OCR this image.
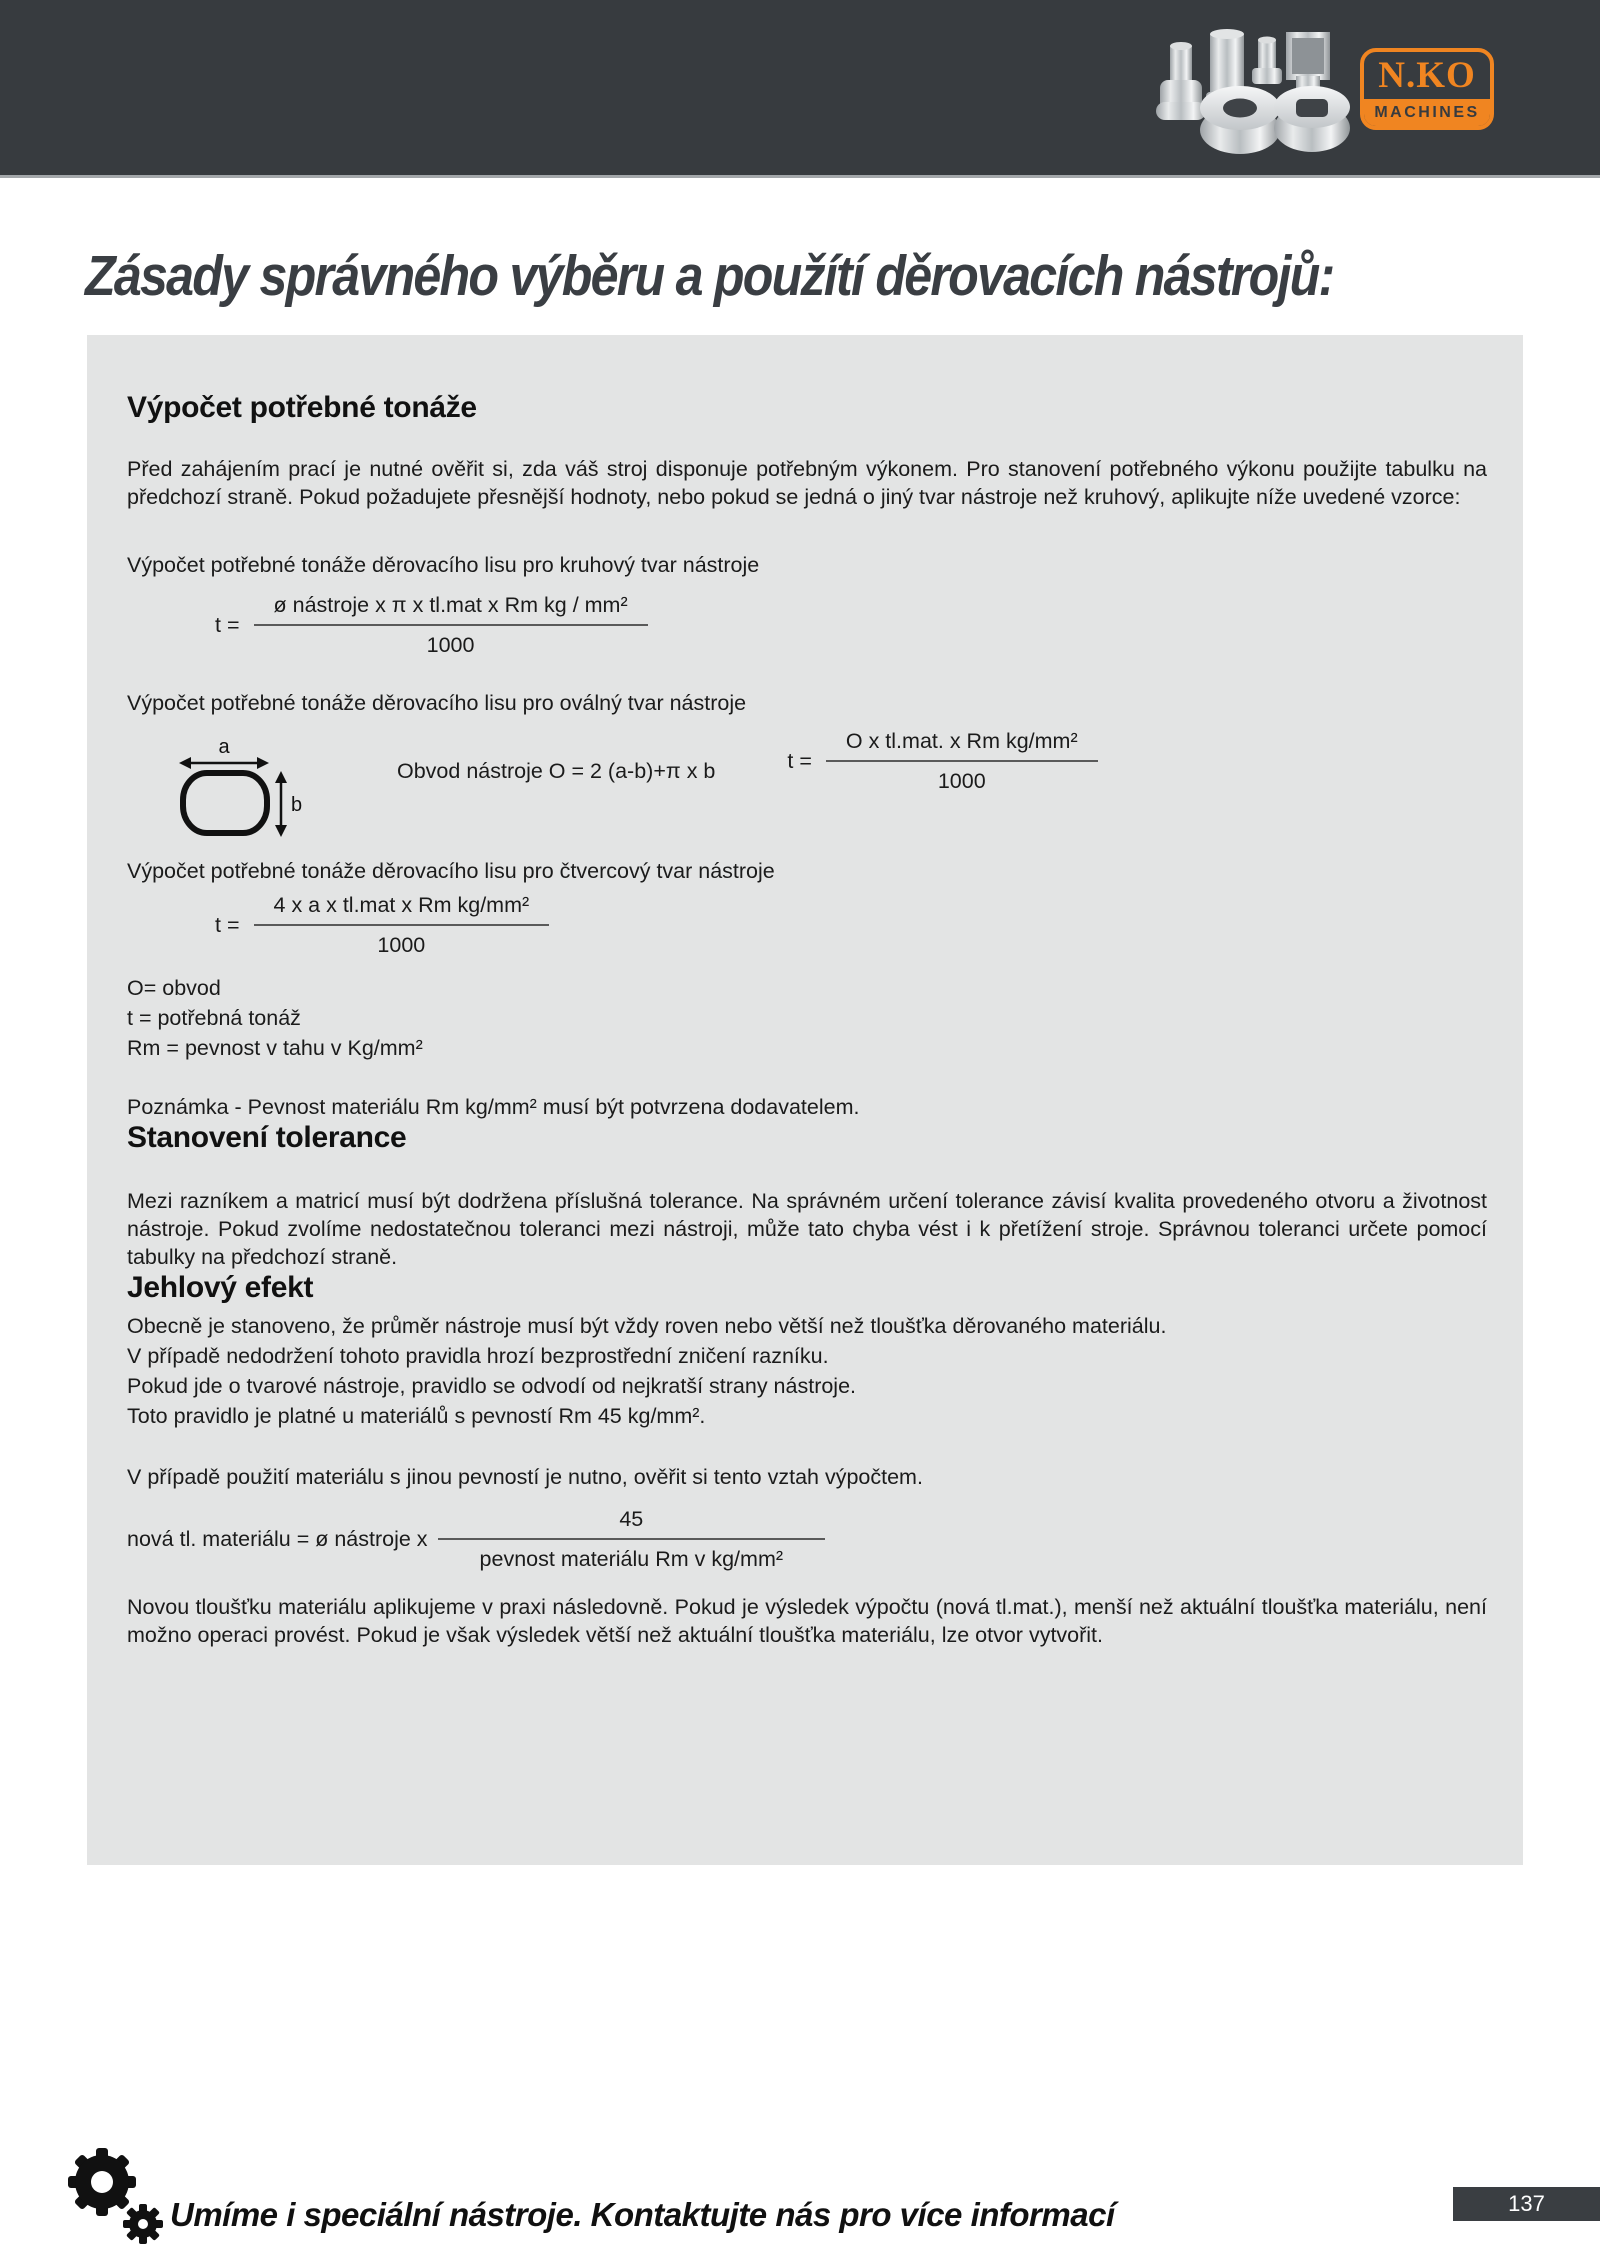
N.KO
MACHINES
Zásady správného výběru a použítí děrovacích nástrojů:
Výpočet potřebné tonáže

Před zahájením prací je nutné ověřit si, zda váš stroj disponuje potřebným výkonem. Pro stanovení potřebného výkonu použijte tabulku na předchozí straně. Pokud požadujete přesnější hodnoty, nebo pokud se jedná o jiný tvar nástroje než kruhový, aplikujte níže uvedené vzorce:

Výpočet potřebné tonáže děrovacího lisu pro kruhový tvar nástroje

$t = \frac{\text{ø nástroje x π x tl.mat x Rm kg / mm²}}{1000}$

Výpočet potřebné tonáže děrovacího lisu pro oválný tvar nástroje

a
b
Obvod nástroje O = 2 (a-b)+π x b	$t = \frac{\text{O x tl.mat. x Rm kg/mm²}}{1000}$

Výpočet potřebné tonáže děrovacího lisu pro čtvercový tvar nástroje

$t = \frac{\text{4 x a x tl.mat x Rm kg/mm²}}{1000}$
O= obvod
t = potřebná tonáž
Rm = pevnost v tahu v Kg/mm²

Poznámka - Pevnost materiálu Rm kg/mm² musí být potvrzena dodavatelem.

Stanovení tolerance

Mezi razníkem a matricí musí být dodržena příslušná tolerance. Na správném určení tolerance závisí kvalita provedeného otvoru a životnost nástroje. Pokud zvolíme nedostatečnou toleranci mezi nástroji, může tato chyba vést i k přetížení stroje. Správnou toleranci určete pomocí tabulky na předchozí straně.

Jehlový efekt
Obecně je stanoveno, že průměr nástroje musí být vždy roven nebo větší než tloušťka děrovaného materiálu.
V případě nedodržení tohoto pravidla hrozí bezprostřední zničení razníku.
Pokud jde o tvarové nástroje, pravidlo se odvodí od nejkratší strany nástroje.
Toto pravidlo je platné u materiálů s pevností Rm 45 kg/mm².

V případě použití materiálu s jinou pevností je nutno, ověřit si tento vztah výpočtem.

nová tl. materiálu = ø nástroje x $\frac{45}{\text{pevnost materiálu Rm v kg/mm²}}$

Novou tloušťku materiálu aplikujeme v praxi následovně. Pokud je výsledek výpočtu (nová tl.mat.), menší než aktuální tloušťka materiálu, není možno operaci provést. Pokud je však výsledek větší než aktuální tloušťka materiálu, lze otvor vytvořit.

Umíme i speciální nástroje. Kontaktujte nás pro více informací	137
